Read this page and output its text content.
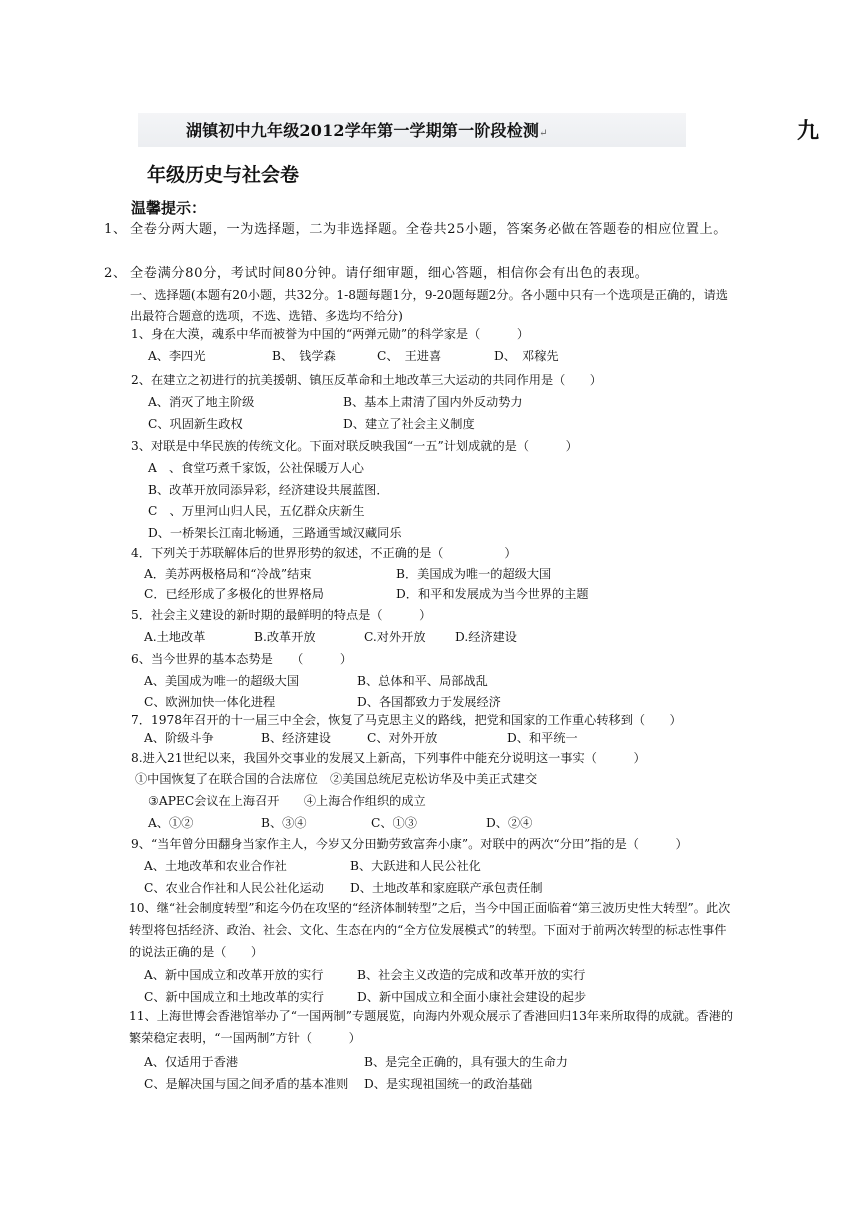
湖镇初中九年级2012学年第一学期第一阶段检测↵	九
年级历史与社会卷
温馨提示：
1、 全卷分两大题，一为选择题，二为非选择题。全卷共25小题，答案务必做在答题卷的相应位置上。
2、 全卷满分80分，考试时间80分钟。请仔细审题，细心答题，相信你会有出色的表现。
一、选择题(本题有20小题，共32分。1-8题每题1分，9-20题每题2分。各小题中只有一个选项是正确的，请选出最符合题意的选项，不选、选错、多选均不给分)
1、身在大漠，魂系中华而被誉为中国的“两弹元勋”的科学家是（　　　）
A、李四光	B、　钱学森	C、　王进喜	D、　邓稼先
2、在建立之初进行的抗美援朝、镇压反革命和土地改革三大运动的共同作用是（　　）
A、消灭了地主阶级	B、基本上肃清了国内外反动势力
C、巩固新生政权	D、建立了社会主义制度
3、对联是中华民族的传统文化。下面对联反映我国“一五”计划成就的是（　　　）
A　、食堂巧煮千家饭，公社保暖万人心
B、改革开放同添异彩，经济建设共展蓝图．
C　、万里河山归人民，五亿群众庆新生
D、一桥架长江南北畅通，三路通雪域汉藏同乐
4．下列关于苏联解体后的世界形势的叙述，不正确的是（　　　　　）
A．美苏两极格局和“冷战”结束	B．美国成为唯一的超级大国
C．已经形成了多极化的世界格局	D．和平和发展成为当今世界的主题
5．社会主义建设的新时期的最鲜明的特点是（　　　）
A.土地改革	B.改革开放	C.对外开放 D.经济建设
6、当今世界的基本态势是　　（　　　）
A、美国成为唯一的超级大国	B、总体和平、局部战乱
C、欧洲加快一体化进程	D、各国都致力于发展经济
7．1978年召开的十一届三中全会，恢复了马克思主义的路线，把党和国家的工作重心转移到（　　）
A、阶级斗争	B、经济建设	C、对外开放	D、和平统一
8.进入21世纪以来，我国外交事业的发展又上新高，下列事件中能充分说明这一事实（　　　）
①中国恢复了在联合国的合法席位　②美国总统尼克松访华及中美正式建交
③APEC会议在上海召开　　④上海合作组织的成立
A、①②	B、③④	C、①③	D、②④
9、“当年曾分田翻身当家作主人，今岁又分田勤劳致富奔小康”。对联中的两次“分田”指的是（　　　）
A、土地改革和农业合作社	B、大跃进和人民公社化
C、农业合作社和人民公社化运动 D、土地改革和家庭联产承包责任制
10、继“社会制度转型”和迄今仍在攻坚的“经济体制转型”之后，当今中国正面临着“第三波历史性大转型”。此次转型将包括经济、政治、社会、文化、生态在内的“全方位发展模式”的转型。下面对于前两次转型的标志性事件的说法正确的是（　　）
A、新中国成立和改革开放的实行	B、社会主义改造的完成和改革开放的实行
C、新中国成立和土地改革的实行	D、新中国成立和全面小康社会建设的起步
11、上海世博会香港馆举办了“一国两制”专题展览，向海内外观众展示了香港回归13年来所取得的成就。香港的繁荣稳定表明，“一国两制”方针（　　　）
A、仅适用于香港	B、是完全正确的，具有强大的生命力
C、是解决国与国之间矛盾的基本准则 D、是实现祖国统一的政治基础
